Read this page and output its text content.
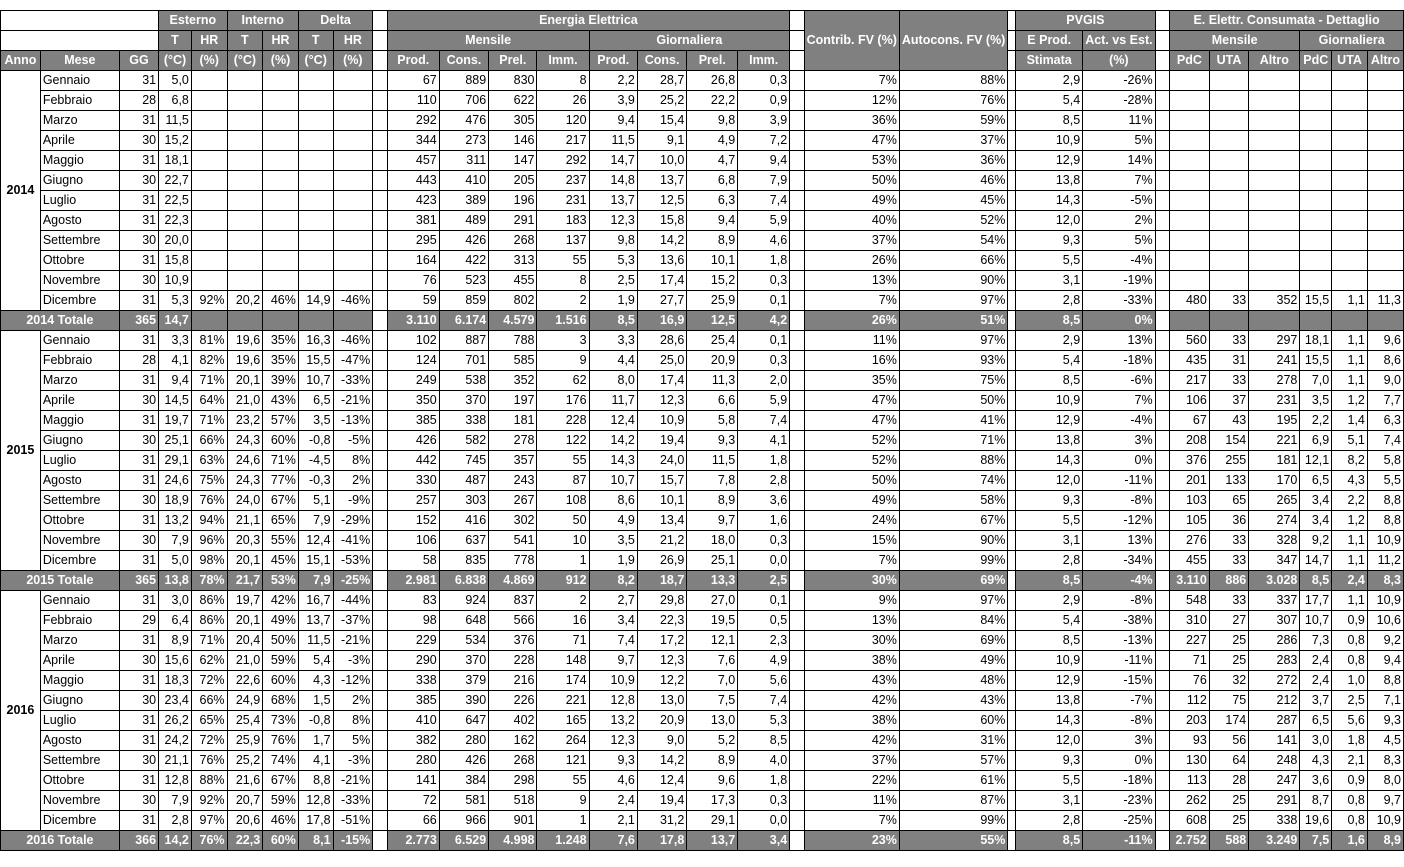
			Esterno		Interno		Delta			Energia Elettrica									Contrib. FV (%)	Autocons. FV (%)		PVGIS			E. Elettr. Consumata - Dettaglio					
			T	HR	T	HR	T	HR		Mensile				Giornaliera								E Prod.	Act. vs Est.		Mensile			Giornaliera		
Anno	Mese	GG	(°C)	(%)	(°C)	(%)	(°C)	(%)		Prod.	Cons.	Prel.	Imm.	Prod.	Cons.	Prel.	Imm.					Stimata	(%)		PdC	UTA	Altro	PdC	UTA	Altro
2014	Gennaio	31	5,0							67	889	830	8	2,2	28,7	26,8	0,3		7%	88%		2,9	-26%							
	Febbraio	28	6,8							110	706	622	26	3,9	25,2	22,2	0,9		12%	76%		5,4	-28%							
	Marzo	31	11,5							292	476	305	120	9,4	15,4	9,8	3,9		36%	59%		8,5	11%							
	Aprile	30	15,2							344	273	146	217	11,5	9,1	4,9	7,2		47%	37%		10,9	5%							
	Maggio	31	18,1							457	311	147	292	14,7	10,0	4,7	9,4		53%	36%		12,9	14%							
	Giugno	30	22,7							443	410	205	237	14,8	13,7	6,8	7,9		50%	46%		13,8	7%							
	Luglio	31	22,5							423	389	196	231	13,7	12,5	6,3	7,4		49%	45%		14,3	-5%							
	Agosto	31	22,3							381	489	291	183	12,3	15,8	9,4	5,9		40%	52%		12,0	2%							
	Settembre	30	20,0							295	426	268	137	9,8	14,2	8,9	4,6		37%	54%		9,3	5%							
	Ottobre	31	15,8							164	422	313	55	5,3	13,6	10,1	1,8		26%	66%		5,5	-4%							
	Novembre	30	10,9							76	523	455	8	2,5	17,4	15,2	0,3		13%	90%		3,1	-19%							
	Dicembre	31	5,3	92%	20,2	46%	14,9	-46%		59	859	802	2	1,9	27,7	25,9	0,1		7%	97%		2,8	-33%		480	33	352	15,5	1,1	11,3
2014 Totale		365	14,7							3.110	6.174	4.579	1.516	8,5	16,9	12,5	4,2		26%	51%		8,5	0%							
2015	Gennaio	31	3,3	81%	19,6	35%	16,3	-46%		102	887	788	3	3,3	28,6	25,4	0,1		11%	97%		2,9	13%		560	33	297	18,1	1,1	9,6
	Febbraio	28	4,1	82%	19,6	35%	15,5	-47%		124	701	585	9	4,4	25,0	20,9	0,3		16%	93%		5,4	-18%		435	31	241	15,5	1,1	8,6
	Marzo	31	9,4	71%	20,1	39%	10,7	-33%		249	538	352	62	8,0	17,4	11,3	2,0		35%	75%		8,5	-6%		217	33	278	7,0	1,1	9,0
	Aprile	30	14,5	64%	21,0	43%	6,5	-21%		350	370	197	176	11,7	12,3	6,6	5,9		47%	50%		10,9	7%		106	37	231	3,5	1,2	7,7
	Maggio	31	19,7	71%	23,2	57%	3,5	-13%		385	338	181	228	12,4	10,9	5,8	7,4		47%	41%		12,9	-4%		67	43	195	2,2	1,4	6,3
	Giugno	30	25,1	66%	24,3	60%	-0,8	-5%		426	582	278	122	14,2	19,4	9,3	4,1		52%	71%		13,8	3%		208	154	221	6,9	5,1	7,4
	Luglio	31	29,1	63%	24,6	71%	-4,5	8%		442	745	357	55	14,3	24,0	11,5	1,8		52%	88%		14,3	0%		376	255	181	12,1	8,2	5,8
	Agosto	31	24,6	75%	24,3	77%	-0,3	2%		330	487	243	87	10,7	15,7	7,8	2,8		50%	74%		12,0	-11%		201	133	170	6,5	4,3	5,5
	Settembre	30	18,9	76%	24,0	67%	5,1	-9%		257	303	267	108	8,6	10,1	8,9	3,6		49%	58%		9,3	-8%		103	65	265	3,4	2,2	8,8
	Ottobre	31	13,2	94%	21,1	65%	7,9	-29%		152	416	302	50	4,9	13,4	9,7	1,6		24%	67%		5,5	-12%		105	36	274	3,4	1,2	8,8
	Novembre	30	7,9	96%	20,3	55%	12,4	-41%		106	637	541	10	3,5	21,2	18,0	0,3		15%	90%		3,1	13%		276	33	328	9,2	1,1	10,9
	Dicembre	31	5,0	98%	20,1	45%	15,1	-53%		58	835	778	1	1,9	26,9	25,1	0,0		7%	99%		2,8	-34%		455	33	347	14,7	1,1	11,2
2015 Totale		365	13,8	78%	21,7	53%	7,9	-25%		2.981	6.838	4.869	912	8,2	18,7	13,3	2,5		30%	69%		8,5	-4%		3.110	886	3.028	8,5	2,4	8,3
2016	Gennaio	31	3,0	86%	19,7	42%	16,7	-44%		83	924	837	2	2,7	29,8	27,0	0,1		9%	97%		2,9	-8%		548	33	337	17,7	1,1	10,9
	Febbraio	29	6,4	86%	20,1	49%	13,7	-37%		98	648	566	16	3,4	22,3	19,5	0,5		13%	84%		5,4	-38%		310	27	307	10,7	0,9	10,6
	Marzo	31	8,9	71%	20,4	50%	11,5	-21%		229	534	376	71	7,4	17,2	12,1	2,3		30%	69%		8,5	-13%		227	25	286	7,3	0,8	9,2
	Aprile	30	15,6	62%	21,0	59%	5,4	-3%		290	370	228	148	9,7	12,3	7,6	4,9		38%	49%		10,9	-11%		71	25	283	2,4	0,8	9,4
	Maggio	31	18,3	72%	22,6	60%	4,3	-12%		338	379	216	174	10,9	12,2	7,0	5,6		43%	48%		12,9	-15%		76	32	272	2,4	1,0	8,8
	Giugno	30	23,4	66%	24,9	68%	1,5	2%		385	390	226	221	12,8	13,0	7,5	7,4		42%	43%		13,8	-7%		112	75	212	3,7	2,5	7,1
	Luglio	31	26,2	65%	25,4	73%	-0,8	8%		410	647	402	165	13,2	20,9	13,0	5,3		38%	60%		14,3	-8%		203	174	287	6,5	5,6	9,3
	Agosto	31	24,2	72%	25,9	76%	1,7	5%		382	280	162	264	12,3	9,0	5,2	8,5		42%	31%		12,0	3%		93	56	141	3,0	1,8	4,5
	Settembre	30	21,1	76%	25,2	74%	4,1	-3%		280	426	268	121	9,3	14,2	8,9	4,0		37%	57%		9,3	0%		130	64	248	4,3	2,1	8,3
	Ottobre	31	12,8	88%	21,6	67%	8,8	-21%		141	384	298	55	4,6	12,4	9,6	1,8		22%	61%		5,5	-18%		113	28	247	3,6	0,9	8,0
	Novembre	30	7,9	92%	20,7	59%	12,8	-33%		72	581	518	9	2,4	19,4	17,3	0,3		11%	87%		3,1	-23%		262	25	291	8,7	0,8	9,7
	Dicembre	31	2,8	97%	20,6	46%	17,8	-51%		66	966	901	1	2,1	31,2	29,1	0,0		7%	99%		2,8	-25%		608	25	338	19,6	0,8	10,9
2016 Totale		366	14,2	76%	22,3	60%	8,1	-15%		2.773	6.529	4.998	1.248	7,6	17,8	13,7	3,4		23%	55%		8,5	-11%		2.752	588	3.249	7,5	1,6	8,9
